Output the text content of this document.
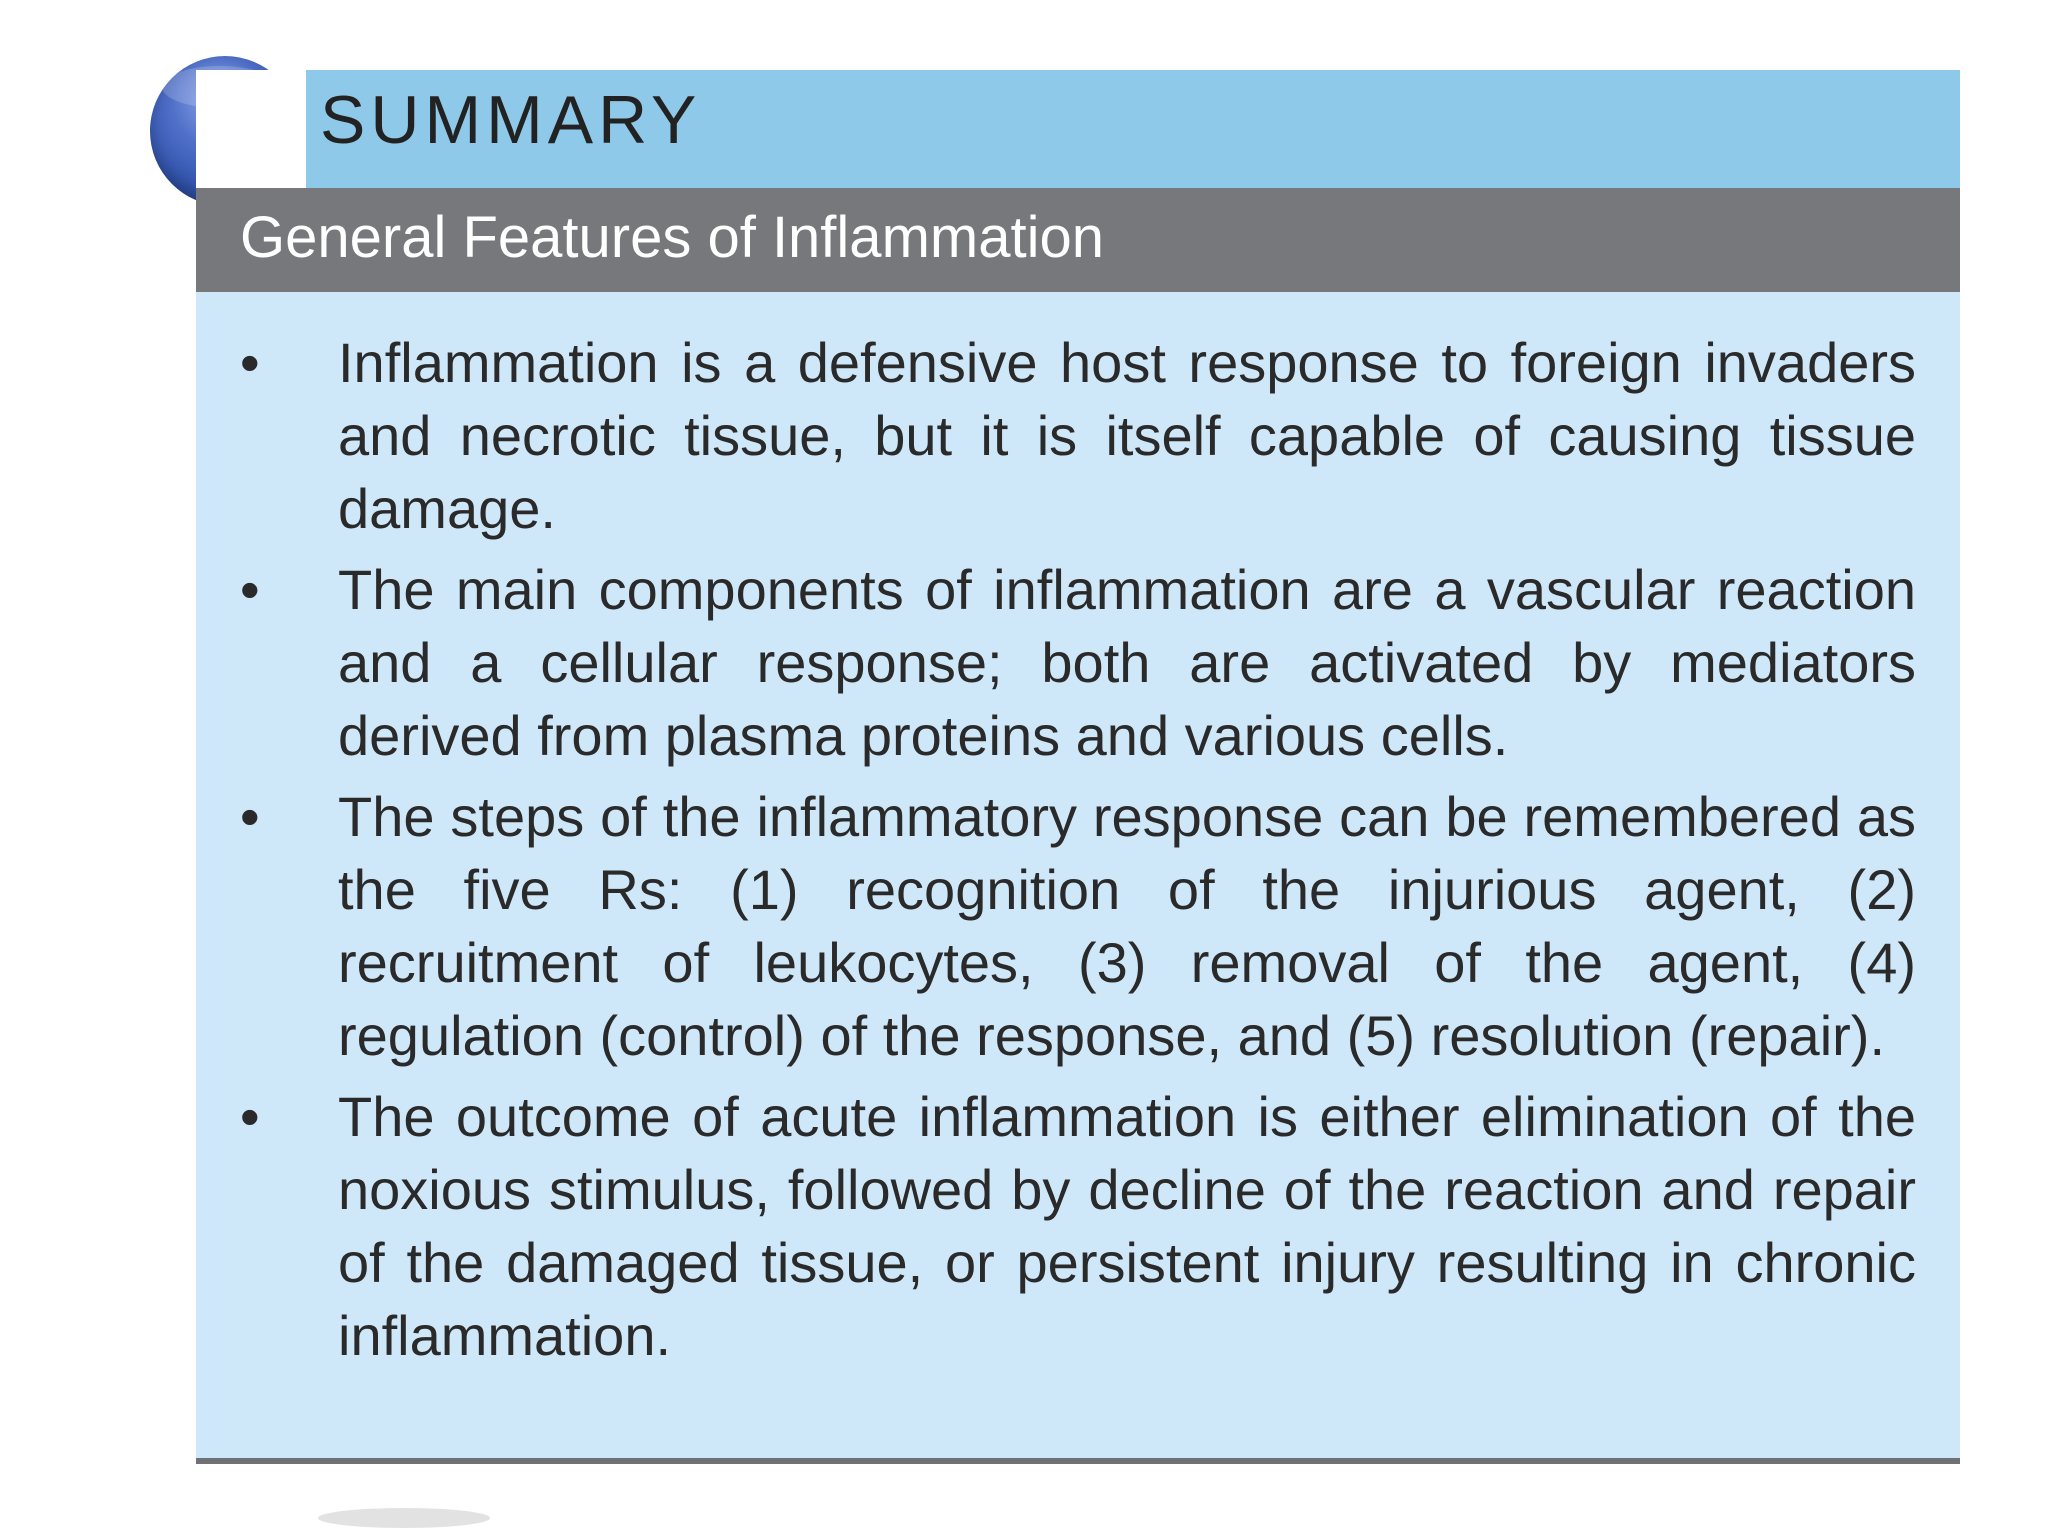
SUMMARY
General Features of Inflammation
• Inflammation is a defensive host response to foreign invaders and necrotic tissue, but it is itself capable of causing tissue damage.
• The main components of inflammation are a vascular reaction and a cellular response; both are activated by mediators derived from plasma proteins and various cells.
• The steps of the inflammatory response can be remembered as the five Rs: (1) recognition of the injurious agent, (2) recruitment of leukocytes, (3) removal of the agent, (4) regulation (control) of the response, and (5) resolution (repair).
• The outcome of acute inflammation is either elimination of the noxious stimulus, followed by decline of the reaction and repair of the damaged tissue, or persistent injury resulting in chronic inflammation.
